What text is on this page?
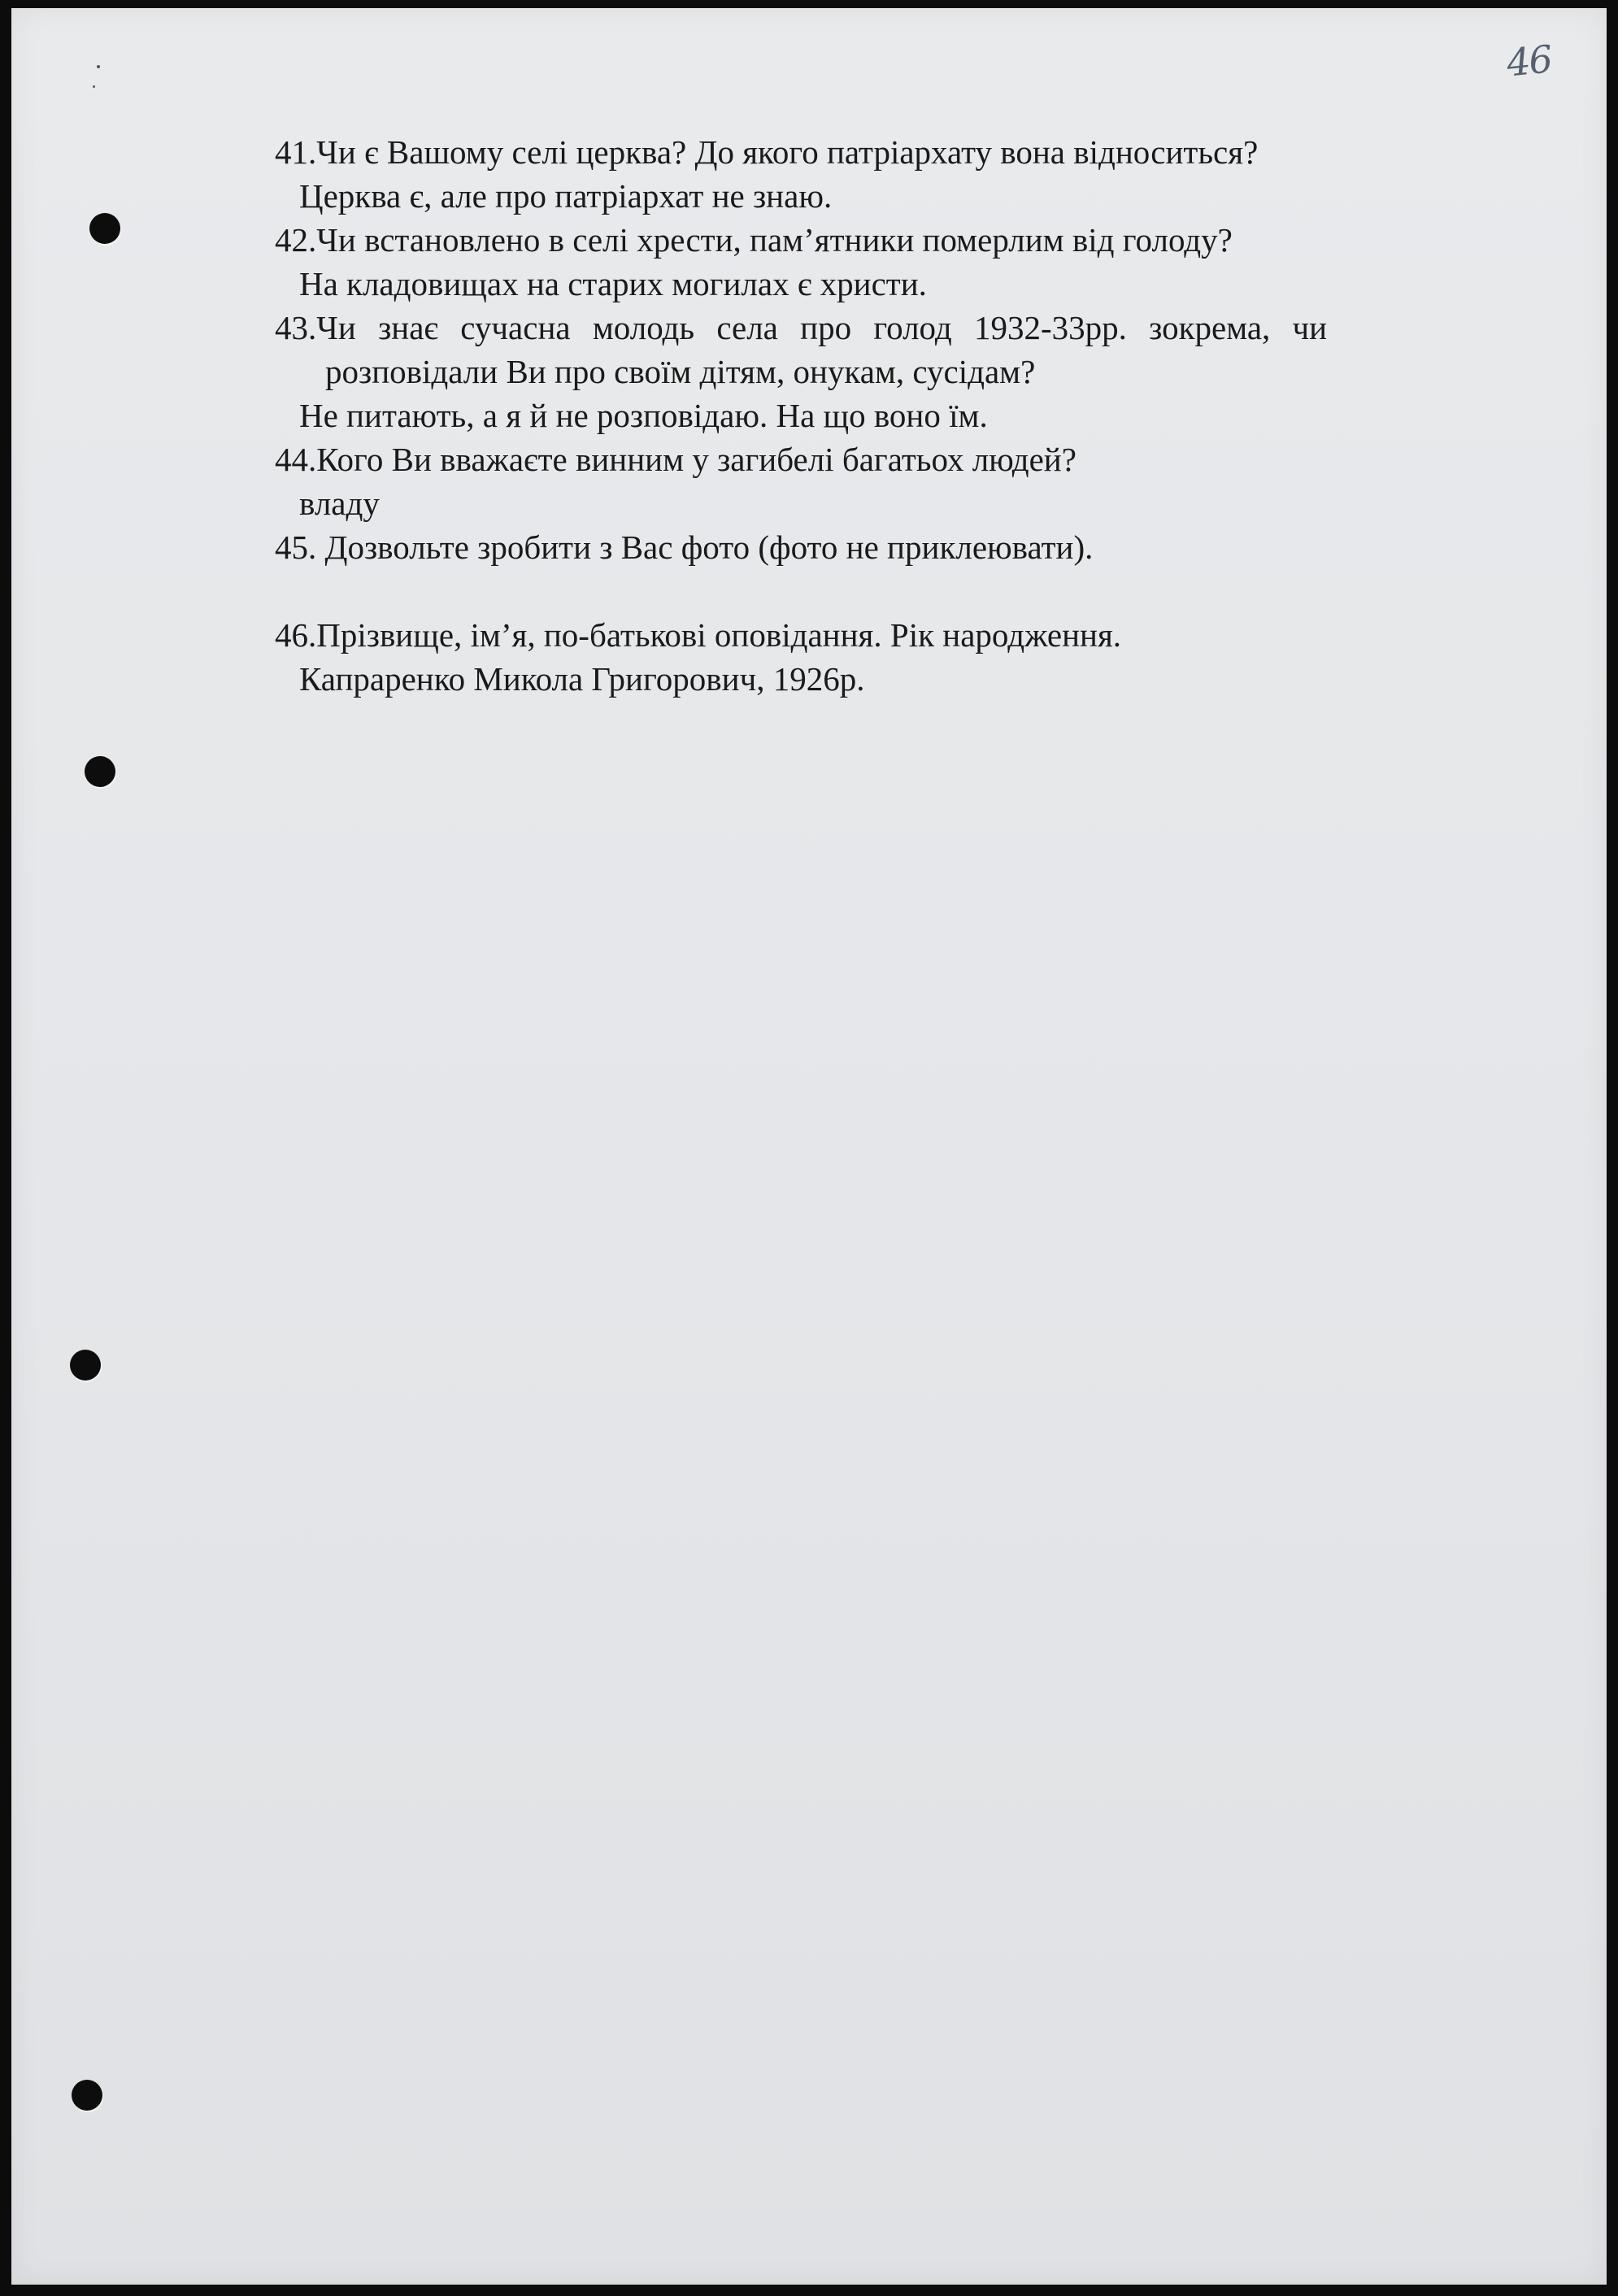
46

41.Чи є Вашому селі церква? До якого патріархату вона відноситься?

Церква є, але про патріархат не знаю.

42.Чи встановлено в селі хрести, пам’ятники померлим від голоду?

На кладовищах на старих могилах є христи.

43.Чи знає сучасна молодь села про голод 1932-33рр. зокрема, чи

розповідали Ви про своїм дітям, онукам, сусідам?

Не питають, а я й не розповідаю. На що воно їм.

44.Кого Ви вважаєте винним у загибелі багатьох людей?

владу

45. Дозвольте зробити з Вас фото (фото не приклеювати).

46.Прізвище, ім’я, по-батькові оповідання. Рік народження.

Капраренко Микола Григорович, 1926р.
